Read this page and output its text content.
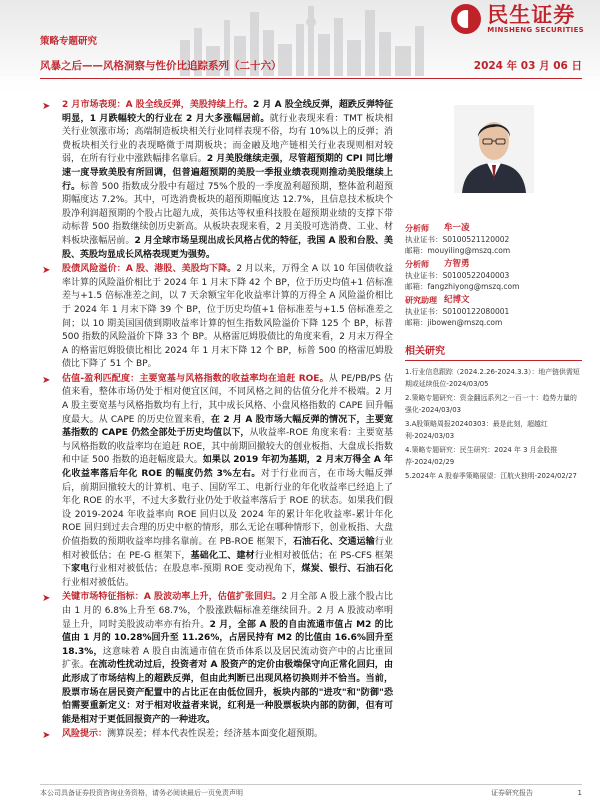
民生证券
MINSHENG SECURITIES
策略专题研究
风暴之后——风格洞察与性价比追踪系列（二十六）	2024 年 03 月 06 日
➤ 2 月市场表现：A 股全线反弹，美股持续上行。2 月 A 股全线反弹，超跌反弹特征明显，1 月跌幅较大的行业在 2 月大多涨幅居前。就行业表现来看：TMT 板块相关行业领涨市场；高端制造板块相关行业同样表现不俗，均有 10%以上的反弹；消费板块相关行业的表现略微于周期板块；而金融及地产链相关行业表现则相对较弱，在所有行业中涨跌幅排名靠后。2 月美股继续走强，尽管超预期的 CPI 同比增速一度导致美股有所回调，但普遍超预期的美股一季报业绩表现则推动美股继续上行。标普 500 指数成分股中有超过 75%个股的一季度盈利超预期，整体盈利超预期幅度达 7.2%。其中，可选消费板块的超预期幅度达 12.7%，且信息技术板块个股净利润超预期的个股占比超九成，英伟达等权重科技股在超预期业绩的支撑下带动标普 500 指数继续创历史新高。从板块表现来看，2 月美股可选消费、工业、材料板块涨幅居前。2 月全球市场呈现出成长风格占优的特征，我国 A 股和台股、美股、英股均显成长风格表现更为强势。
➤ 股债风险溢价：A 股、港股、美股均下降。2 月以来，万得全 A 以 10 年国债收益率计算的风险溢价相比于 2024 年 1 月末下降 42 个 BP，位于历史均值+1 倍标准差与+1.5 倍标准差之间，以 7 天余额宝年化收益率计算的万得全 A 风险溢价相比于 2024 年 1 月末下降 39 个 BP，位于历史均值+1 倍标准差与+1.5 倍标准差之间；以 10 期美国国债到期收益率计算的恒生指数风险溢价下降 125 个 BP，标普 500 指数的风险溢价下降 33 个 BP。从格雷厄姆股债比的角度来看，2 月末万得全 A 的格雷厄姆股债比相比 2024 年 1 月末下降 12 个 BP，标普 500 的格雷厄姆股债比下降了 51 个 BP。
➤ 估值-盈利匹配度：主要宽基与风格指数的收益率均在追赶 ROE。从 PE/PB/PS 估值来看，整体市场仍处于相对便宜区间，不同风格之间的估值分化并不极端。2 月 A 股主要宽基与风格指数均有上行，其中成长风格、小盘风格指数的 CAPE 回升幅度最大。从 CAPE 的历史位置来看，在 2 月 A 股市场大幅反弹的情况下，主要宽基指数的 CAPE 仍然全部处于历史均值以下，从收益率-ROE 角度来看：主要宽基与风格指数的收益率均在追赶 ROE，其中前期回撤较大的创业板指、大盘成长指数和中证 500 指数的追赶幅度最大。如果以 2019 年初为基期，2 月末万得全 A 年化收益率落后年化 ROE 的幅度仍然 3%左右。对于行业而言，在市场大幅反弹后，前期回撤较大的计算机、电子、国防军工、电新行业的年化收益率已经追上了年化 ROE 的水平，不过大多数行业仍处于收益率落后于 ROE 的状态。如果我们假设 2019-2024 年收益率向 ROE 回归以及 2024 年的累计年化收益率-累计年化 ROE 回归到过去合理的历史中枢的情形，那么无论在哪种情形下，创业板指、大盘价值指数的预期收益率均排名靠前。在 PB-ROE 框架下，石油石化、交通运输行业相对被低估；在 PE-G 框架下，基础化工、建材行业相对被低估；在 PS-CFS 框架下家电行业相对被低估；在股息率-预期 ROE 变动视角下，煤炭、银行、石油石化行业相对被低估。
➤ 关键市场特征指标：A 股波动率上升，估值扩张回归。2 月全部 A 股上涨个股占比由 1 月的 6.8%上升至 68.7%，个股涨跌幅标准差继续回升。2 月 A 股波动率明显上升，同时美股波动率亦有抬升。2 月，全部 A 股的自由流通市值占 M2 的比值由 1 月的 10.28%回升至 11.26%，占居民持有 M2 的比值由 16.6%回升至 18.3%，这意味着 A 股自由流通市值在货币体系以及居民流动资产中的占比重回扩张。在流动性扰动过后，投资者对 A 股资产的定价由极端保守向正常化回归，由此形成了市场结构上的超跌反弹，但由此判断已出现风格切换则并不恰当。当前，股票市场在居民资产配置中的占比正在由低位回升，板块内部的"进攻"和"防御"恐怕需要重新定义：对于相对收益者来说，红利是一种股票板块内部的防御，但有可能是相对于更低回报资产的一种进攻。
➤ 风险提示：测算误差；样本代表性误差；经济基本面变化超预期。
分析师	牟一凌
执业证书：S0100521120002
邮箱：mouyiling@mszq.com
分析师	方智勇
执业证书：S0100522040003
邮箱：fangzhiyong@mszq.com
研究助理 纪博文
执业证书：S0100122080001
邮箱：jibowen@mszq.com
相关研究
1.行业信息跟踪（2024.2.26-2024.3.3）：地产链供需短期或延续低位-2024/03/05
2.策略专题研究：资金翻远系列之一百一十：趋势力量的强化-2024/03/03
3.A股策略周报20240303：最是此刻，超越红利-2024/03/03
4.策略专题研究：民生研究：2024 年 3 月金股推荐-2024/02/29
5.2024年 A 股春季策略展望：江航火独明-2024/02/27
本公司具备证券投资咨询业务资格，请务必阅读最后一页免责声明	证券研究报告	1
